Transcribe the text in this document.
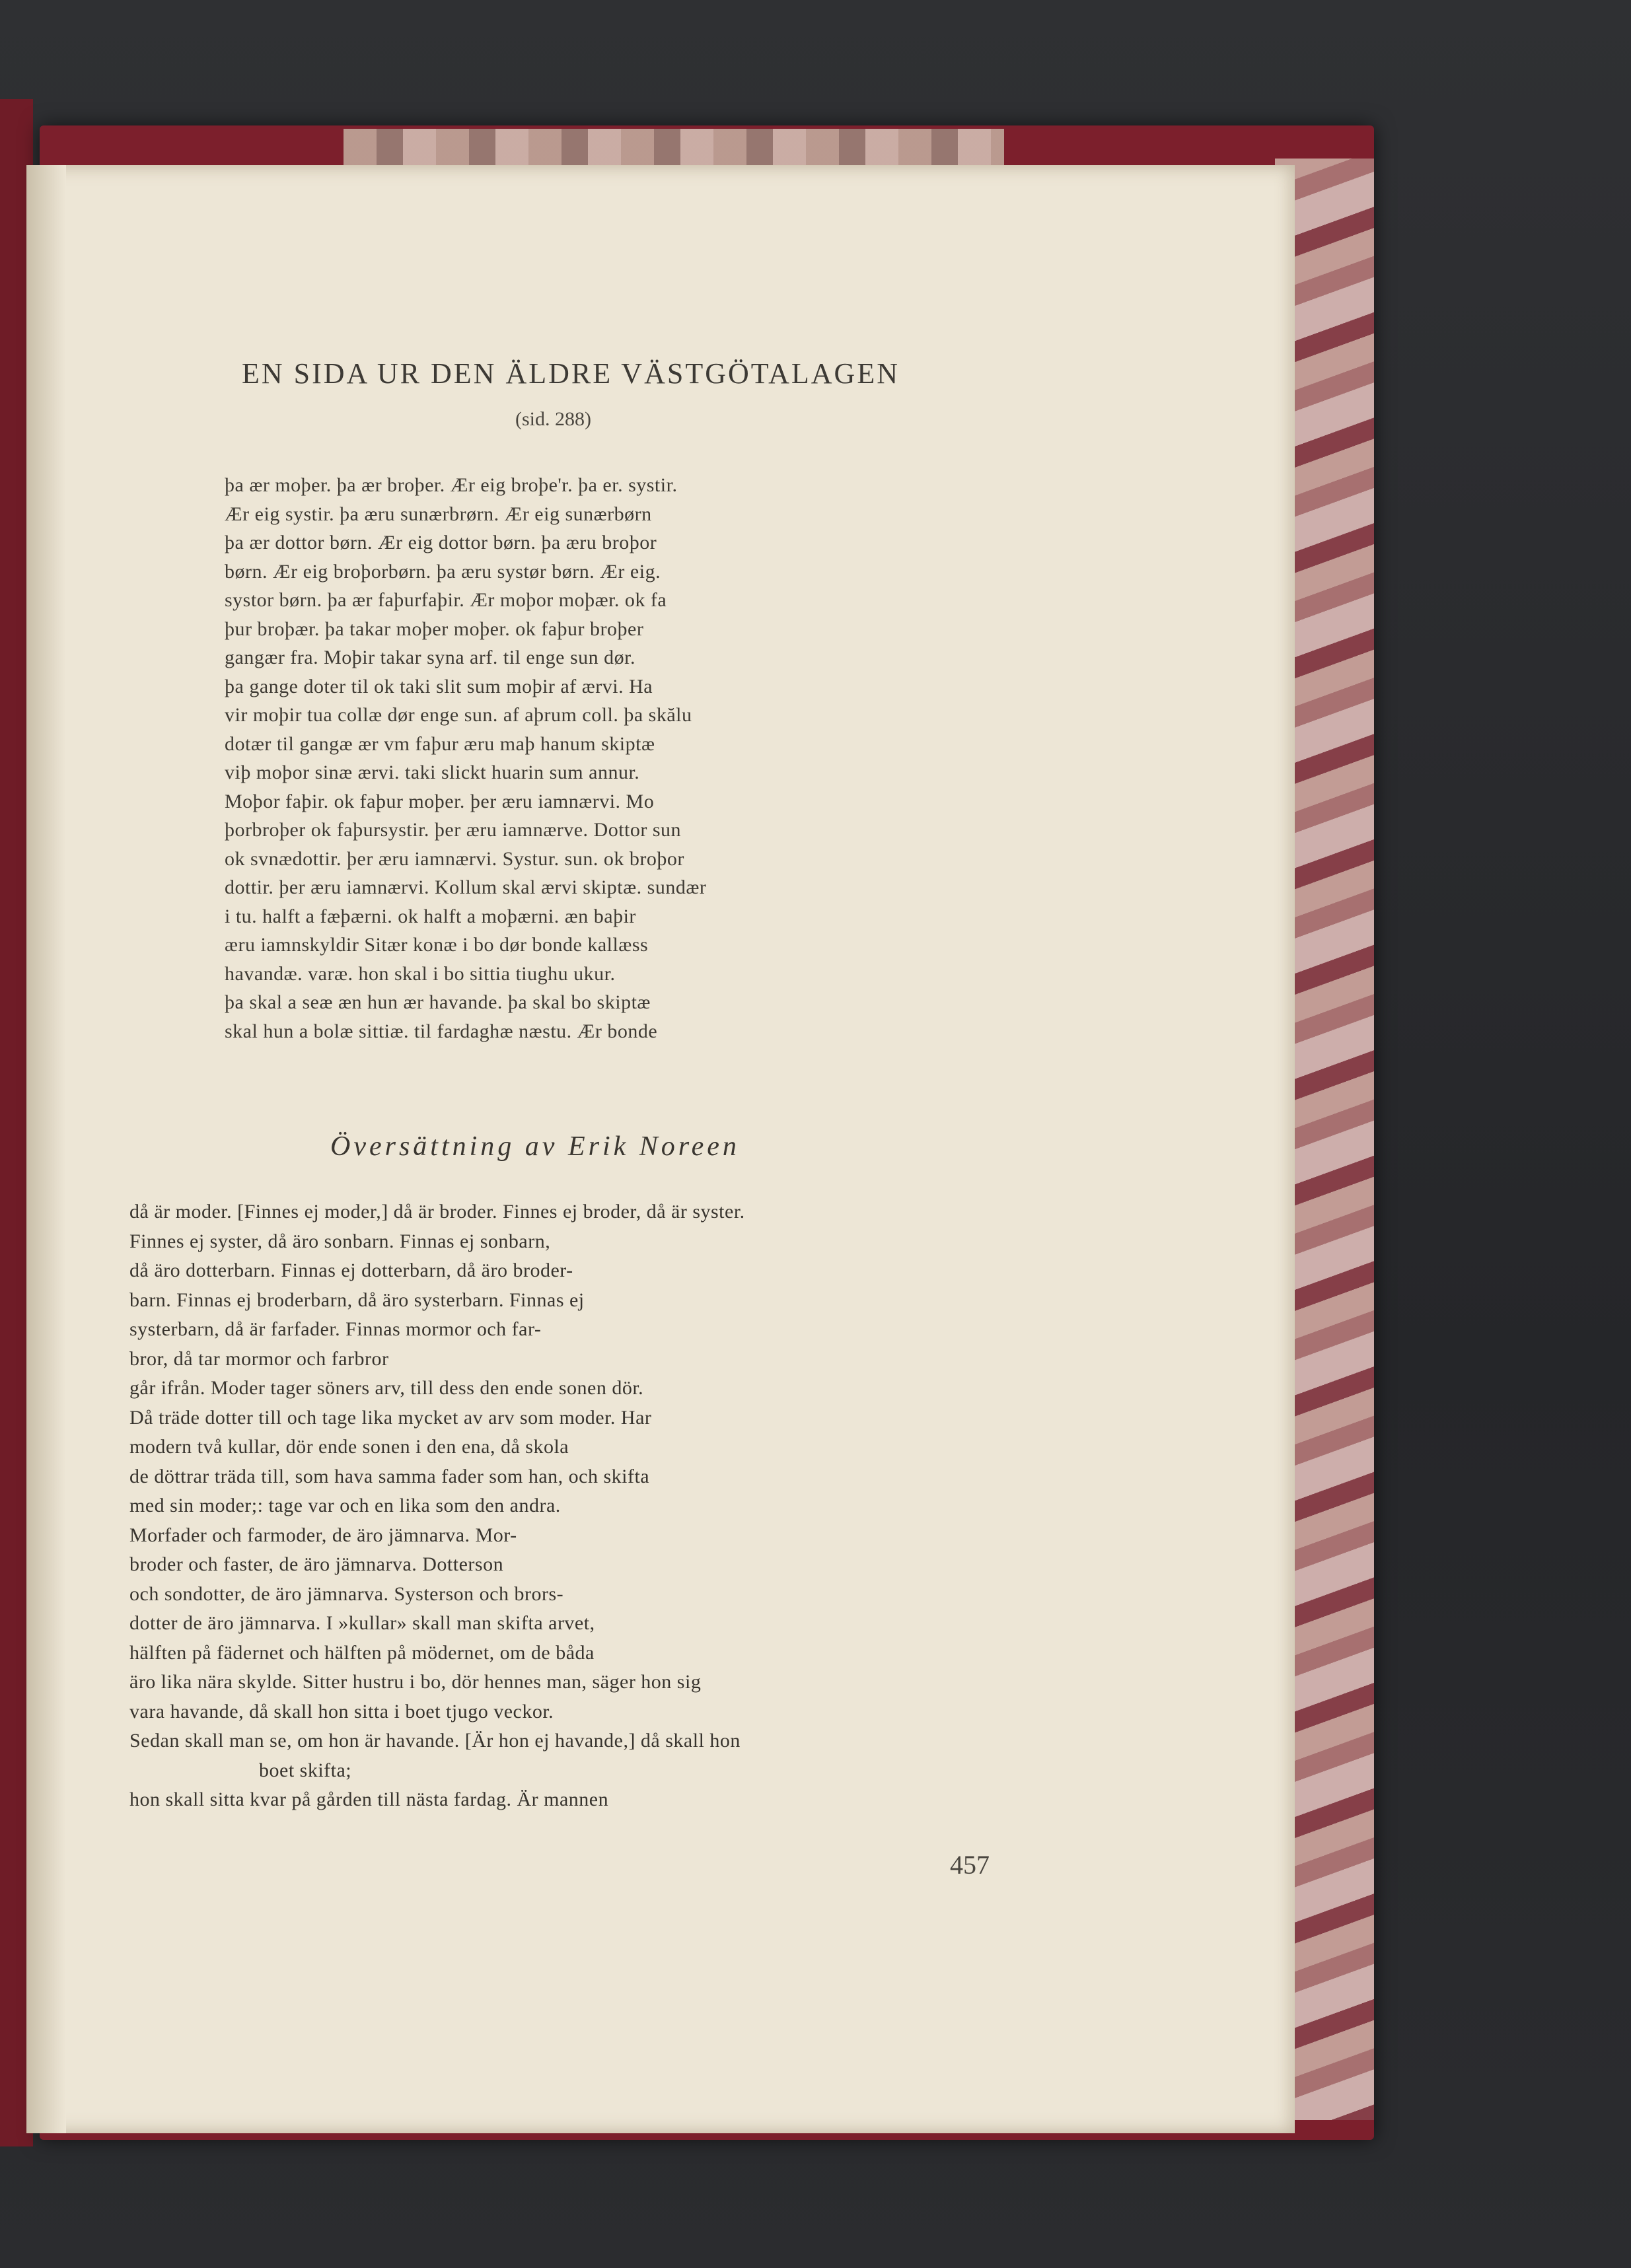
EN SIDA UR DEN ÄLDRE VÄSTGÖTALAGEN
(sid. 288)
þa ær moþer. þa ær broþer. Ær eig broþe'r. þa er. systir.
Ær eig systir. þa æru sunærbrørn. Ær eig sunærbørn
þa ær dottor børn. Ær eig dottor børn. þa æru broþor
børn. Ær eig broþorbørn. þa æru systør børn. Ær eig.
systor børn. þa ær faþurfaþir. Ær moþor moþær. ok fa
þur broþær. þa takar moþer moþer. ok faþur broþer
gangær fra. Moþir takar syna arf. til enge sun dør.
þa gange doter til ok taki slit sum moþir af ærvi. Ha
vir moþir tua collæ dør enge sun. af aþrum coll. þa skălu
dotær til gangæ ær vm faþur æru maþ hanum skiptæ
viþ moþor sinæ ærvi. taki slickt huarin sum annur.
Moþor faþir. ok faþur moþer. þer æru iamnærvi. Mo
þorbroþer ok faþursystir. þer æru iamnærve. Dottor sun
ok svnædottir. þer æru iamnærvi. Systur. sun. ok broþor
dottir. þer æru iamnærvi. Kollum skal ærvi skiptæ. sundær
i tu. halft a fæþærni. ok halft a moþærni. æn baþir
æru iamnskyldir Sitær konæ i bo dør bonde kallæss
havandæ. varæ. hon skal i bo sittia tiughu ukur.
þa skal a seæ æn hun ær havande. þa skal bo skiptæ
skal hun a bolæ sittiæ. til fardaghæ næstu. Ær bonde
Översättning av Erik Noreen
då är moder. [Finnes ej moder,] då är broder. Finnes ej broder, då är syster.
Finnes ej syster, då äro sonbarn. Finnas ej sonbarn,
då äro dotterbarn. Finnas ej dotterbarn, då äro broder-
barn. Finnas ej broderbarn, då äro systerbarn. Finnas ej
systerbarn, då är farfader. Finnas mormor och far-
bror, då tar mormor och farbror
går ifrån. Moder tager söners arv, till dess den ende sonen dör.
Då träde dotter till och tage lika mycket av arv som moder. Har
modern två kullar, dör ende sonen i den ena, då skola
de döttrar träda till, som hava samma fader som han, och skifta
med sin moder;: tage var och en lika som den andra.
Morfader och farmoder, de äro jämnarva. Mor-
broder och faster, de äro jämnarva. Dotterson
och sondotter, de äro jämnarva. Systerson och brors-
dotter de äro jämnarva. I »kullar» skall man skifta arvet,
hälften på fädernet och hälften på mödernet, om de båda
äro lika nära skylde. Sitter hustru i bo, dör hennes man, säger hon sig
vara havande, då skall hon sitta i boet tjugo veckor.
Sedan skall man se, om hon är havande. [Är hon ej havande,] då skall hon
boet skifta;
hon skall sitta kvar på gården till nästa fardag. Är mannen
457
